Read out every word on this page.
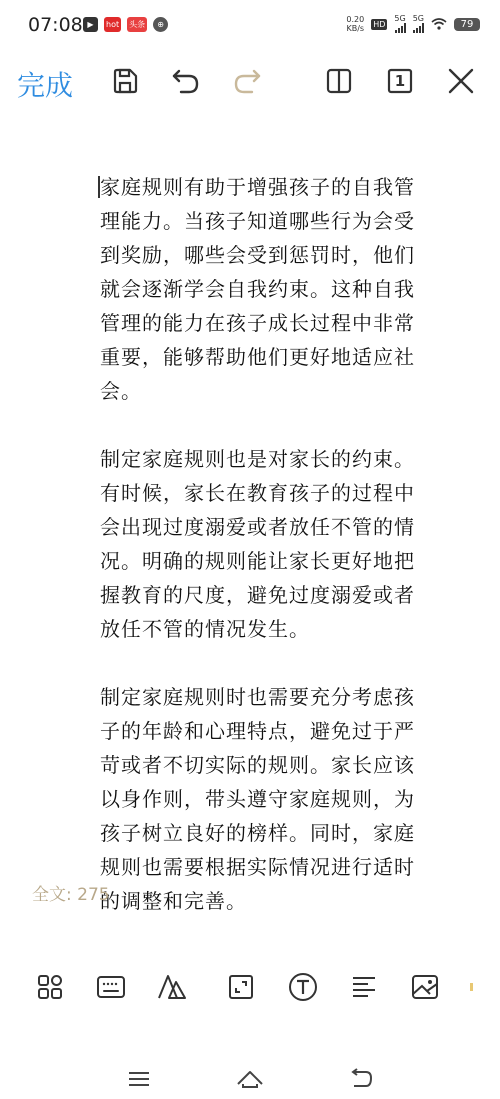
07:08 ▶	hot 头条	⊕
0.20
KB/s HD
5G 5G	79
完成	1

家庭规则有助于增强孩子的自我管理能力。当孩子知道哪些行为会受到奖励，哪些会受到惩罚时，他们就会逐渐学会自我约束。这种自我管理的能力在孩子成长过程中非常重要，能够帮助他们更好地适应社会。

制定家庭规则也是对家长的约束。有时候，家长在教育孩子的过程中会出现过度溺爱或者放任不管的情况。明确的规则能让家长更好地把握教育的尺度，避免过度溺爱或者放任不管的情况发生。

制定家庭规则时也需要充分考虑孩子的年龄和心理特点，避免过于严苛或者不切实际的规则。家长应该以身作则，带头遵守家庭规则，为孩子树立良好的榜样。同时，家庭规则也需要根据实际情况进行适时的调整和完善。

全文: 275
